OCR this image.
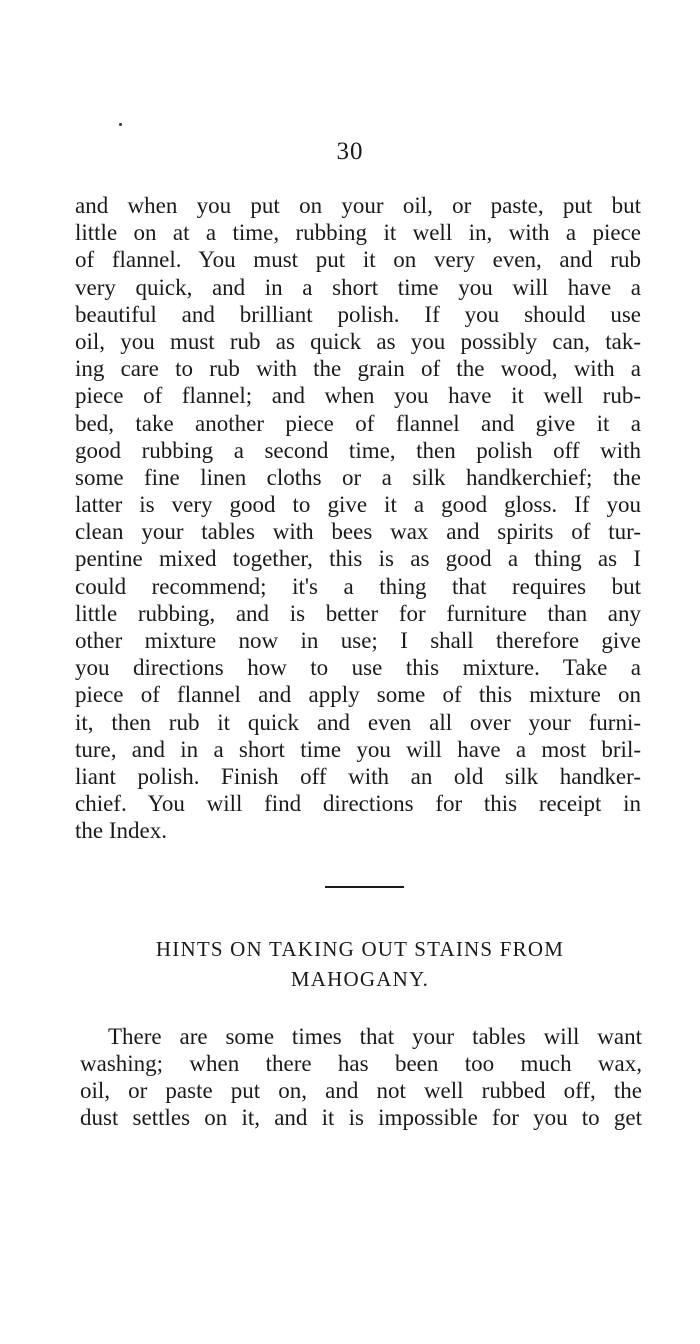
30
and when you put on your oil, or paste, put but
little on at a time, rubbing it well in, with a piece
of flannel. You must put it on very even, and rub
very quick, and in a short time you will have a
beautiful and brilliant polish. If you should use
oil, you must rub as quick as you possibly can, tak-
ing care to rub with the grain of the wood, with a
piece of flannel; and when you have it well rub-
bed, take another piece of flannel and give it a
good rubbing a second time, then polish off with
some fine linen cloths or a silk handkerchief; the
latter is very good to give it a good gloss. If you
clean your tables with bees wax and spirits of tur-
pentine mixed together, this is as good a thing as I
could recommend; it's a thing that requires but
little rubbing, and is better for furniture than any
other mixture now in use; I shall therefore give
you directions how to use this mixture. Take a
piece of flannel and apply some of this mixture on
it, then rub it quick and even all over your furni-
ture, and in a short time you will have a most bril-
liant polish. Finish off with an old silk handker-
chief. You will find directions for this receipt in
the Index.
HINTS ON TAKING OUT STAINS FROM
MAHOGANY.
There are some times that your tables will want
washing; when there has been too much wax,
oil, or paste put on, and not well rubbed off, the
dust settles on it, and it is impossible for you to get
